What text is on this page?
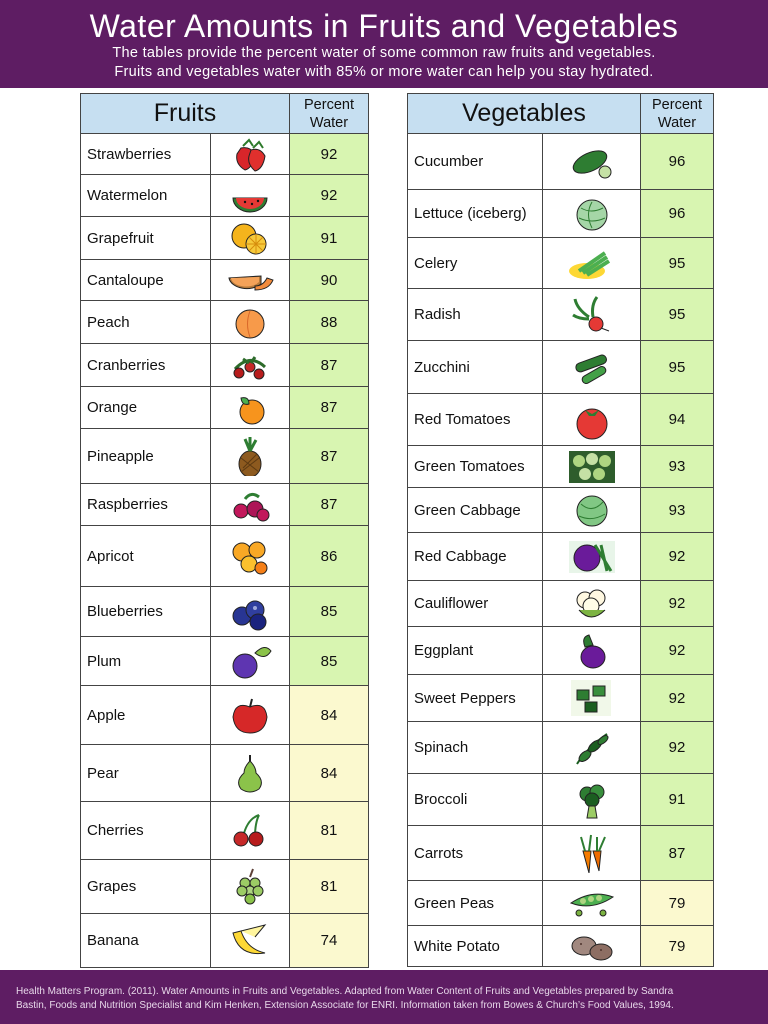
Water Amounts in Fruits and Vegetables
The tables provide the percent water of some common raw fruits and vegetables.
Fruits and vegetables water with 85% or more water can help you stay hydrated.
Fruits		Percent
Water
Strawberries		92
Watermelon		92
Grapefruit		91
Cantaloupe		90
Peach		88
Cranberries		87
Orange		87
Pineapple		87
Raspberries		87
Apricot		86
Blueberries		85
Plum		85
Apple		84
Pear		84
Cherries		81
Grapes		81
Banana		74
Vegetables		Percent
Water
Cucumber		96
Lettuce (iceberg)		96
Celery		95
Radish		95
Zucchini		95
Red Tomatoes		94
Green Tomatoes		93
Green Cabbage		93
Red Cabbage		92
Cauliflower		92
Eggplant		92
Sweet Peppers		92
Spinach		92
Broccoli		91
Carrots		87
Green Peas		79
White Potato		79
Health Matters Program. (2011). Water Amounts in Fruits and Vegetables. Adapted from Water Content of Fruits and Vegetables prepared by Sandra
Bastin, Foods and Nutrition Specialist and Kim Henken, Extension Associate for ENRI. Information taken from Bowes & Church’s Food Values, 1994.
